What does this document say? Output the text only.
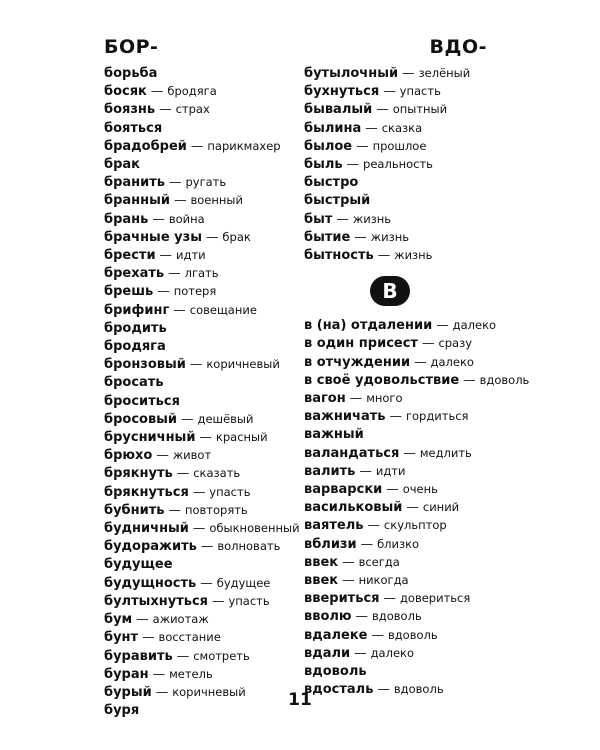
БОР-	ВДО-
борьба
босяк — бродяга
боязнь — страх
бояться
брадобрей — парикмахер
брак
бранить — ругать
бранный — военный
брань — война
брачные узы — брак
брести — идти
брехать — лгать
брешь — потеря
брифинг — совещание
бродить
бродяга
бронзовый — коричневый
бросать
броситься
бросовый — дешёвый
брусничный — красный
брюхо — живот
брякнуть — сказать
брякнуться — упасть
бубнить — повторять
будничный — обыкновенный
будоражить — волновать
будущее
будущность — будущее
бултыхнуться — упасть
бум — ажиотаж
бунт — восстание
буравить — смотреть
буран — метель
бурый — коричневый
буря
бутылочный — зелёный
бухнуться — упасть
бывалый — опытный
былина — сказка
былое — прошлое
быль — реальность
быстро
быстрый
быт — жизнь
бытие — жизнь
бытность — жизнь
В
в (на) отдалении — далеко
в один присест — сразу
в отчуждении — далеко
в своё удовольствие — вдоволь
вагон — много
важничать — гордиться
важный
валандаться — медлить
валить — идти
варварски — очень
васильковый — синий
ваятель — скульптор
вблизи — близко
ввек — всегда
ввек — никогда
ввериться — довериться
вволю — вдоволь
вдалеке — вдоволь
вдали — далеко
вдоволь
вдосталь — вдоволь
11
